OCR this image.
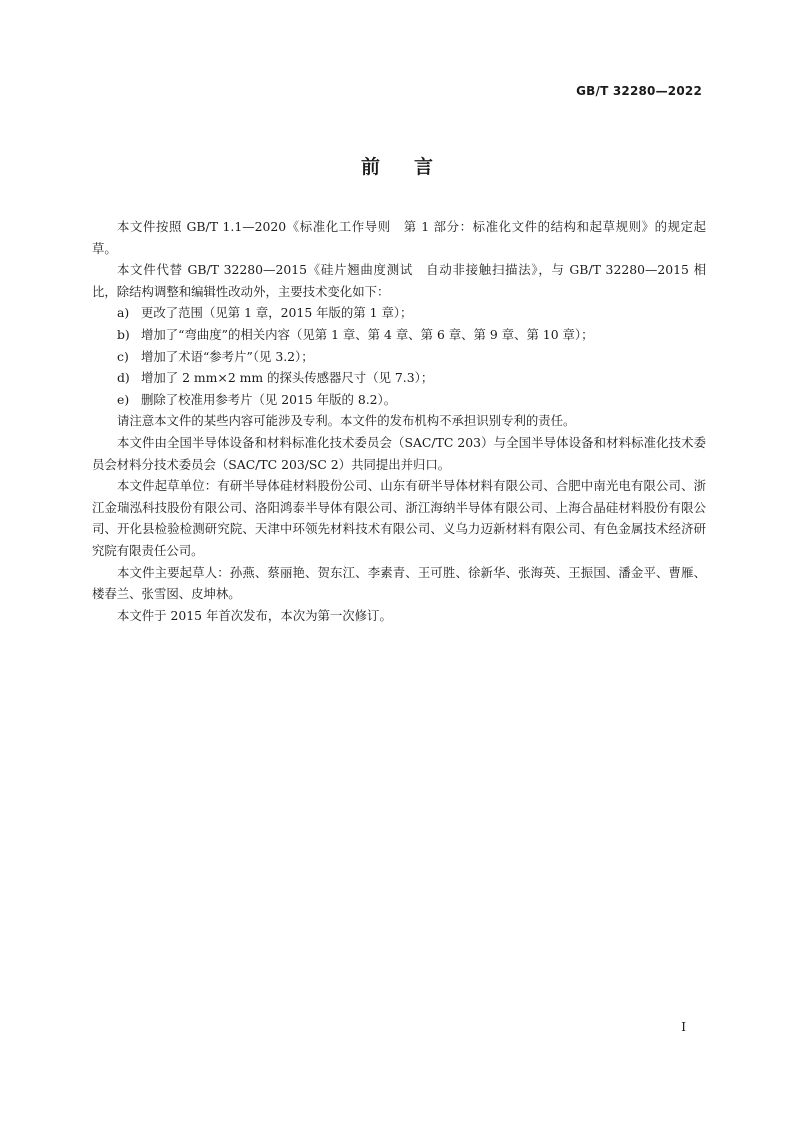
GB/T 32280—2022
前言

本文件按照 GB/T 1.1—2020《标准化工作导则　第 1 部分：标准化文件的结构和起草规则》的规定起草。

本文件代替 GB/T 32280—2015《硅片翘曲度测试　自动非接触扫描法》，与 GB/T 32280—2015 相比，除结构调整和编辑性改动外，主要技术变化如下：

a) 更改了范围（见第 1 章，2015 年版的第 1 章）；
b) 增加了“弯曲度”的相关内容（见第 1 章、第 4 章、第 6 章、第 9 章、第 10 章）；
c) 增加了术语“参考片”（见 3.2）；
d) 增加了 2 mm×2 mm 的探头传感器尺寸（见 7.3）；
e) 删除了校准用参考片（见 2015 年版的 8.2）。

请注意本文件的某些内容可能涉及专利。本文件的发布机构不承担识别专利的责任。

本文件由全国半导体设备和材料标准化技术委员会（SAC/TC 203）与全国半导体设备和材料标准化技术委员会材料分技术委员会（SAC/TC 203/SC 2）共同提出并归口。

本文件起草单位：有研半导体硅材料股份公司、山东有研半导体材料有限公司、合肥中南光电有限公司、浙江金瑞泓科技股份有限公司、洛阳鸿泰半导体有限公司、浙江海纳半导体有限公司、上海合晶硅材料股份有限公司、开化县检验检测研究院、天津中环领先材料技术有限公司、义乌力迈新材料有限公司、有色金属技术经济研究院有限责任公司。

本文件主要起草人：孙燕、蔡丽艳、贺东江、李素青、王可胜、徐新华、张海英、王振国、潘金平、曹雁、楼春兰、张雪囡、皮坤林。

本文件于 2015 年首次发布，本次为第一次修订。

I
